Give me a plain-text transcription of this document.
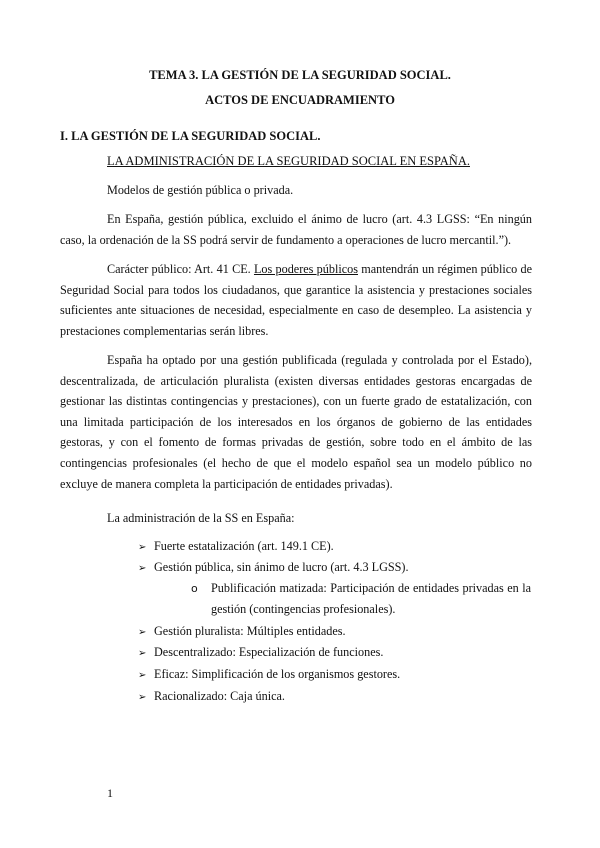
TEMA 3. LA GESTIÓN DE LA SEGURIDAD SOCIAL.
ACTOS DE ENCUADRAMIENTO
I. LA GESTIÓN DE LA SEGURIDAD SOCIAL.
LA ADMINISTRACIÓN DE LA SEGURIDAD SOCIAL EN ESPAÑA.

Modelos de gestión pública o privada.

En España, gestión pública, excluido el ánimo de lucro (art. 4.3 LGSS: “En ningún caso, la ordenación de la SS podrá servir de fundamento a operaciones de lucro mercantil.”).

Carácter público: Art. 41 CE. Los poderes públicos mantendrán un régimen público de Seguridad Social para todos los ciudadanos, que garantice la asistencia y prestaciones sociales suficientes ante situaciones de necesidad, especialmente en caso de desempleo. La asistencia y prestaciones complementarias serán libres.

España ha optado por una gestión publificada (regulada y controlada por el Estado), descentralizada, de articulación pluralista (existen diversas entidades gestoras encargadas de gestionar las distintas contingencias y prestaciones), con un fuerte grado de estatalización, con una limitada participación de los interesados en los órganos de gobierno de las entidades gestoras, y con el fomento de formas privadas de gestión, sobre todo en el ámbito de las contingencias profesionales (el hecho de que el modelo español sea un modelo público no excluye de manera completa la participación de entidades privadas).

La administración de la SS en España:

➢ Fuerte estatalización (art. 149.1 CE).
➢ Gestión pública, sin ánimo de lucro (art. 4.3 LGSS).
o Publificación matizada: Participación de entidades privadas en la gestión (contingencias profesionales).
➢ Gestión pluralista: Múltiples entidades.
➢ Descentralizado: Especialización de funciones.
➢ Eficaz: Simplificación de los organismos gestores.
➢ Racionalizado: Caja única.
1
